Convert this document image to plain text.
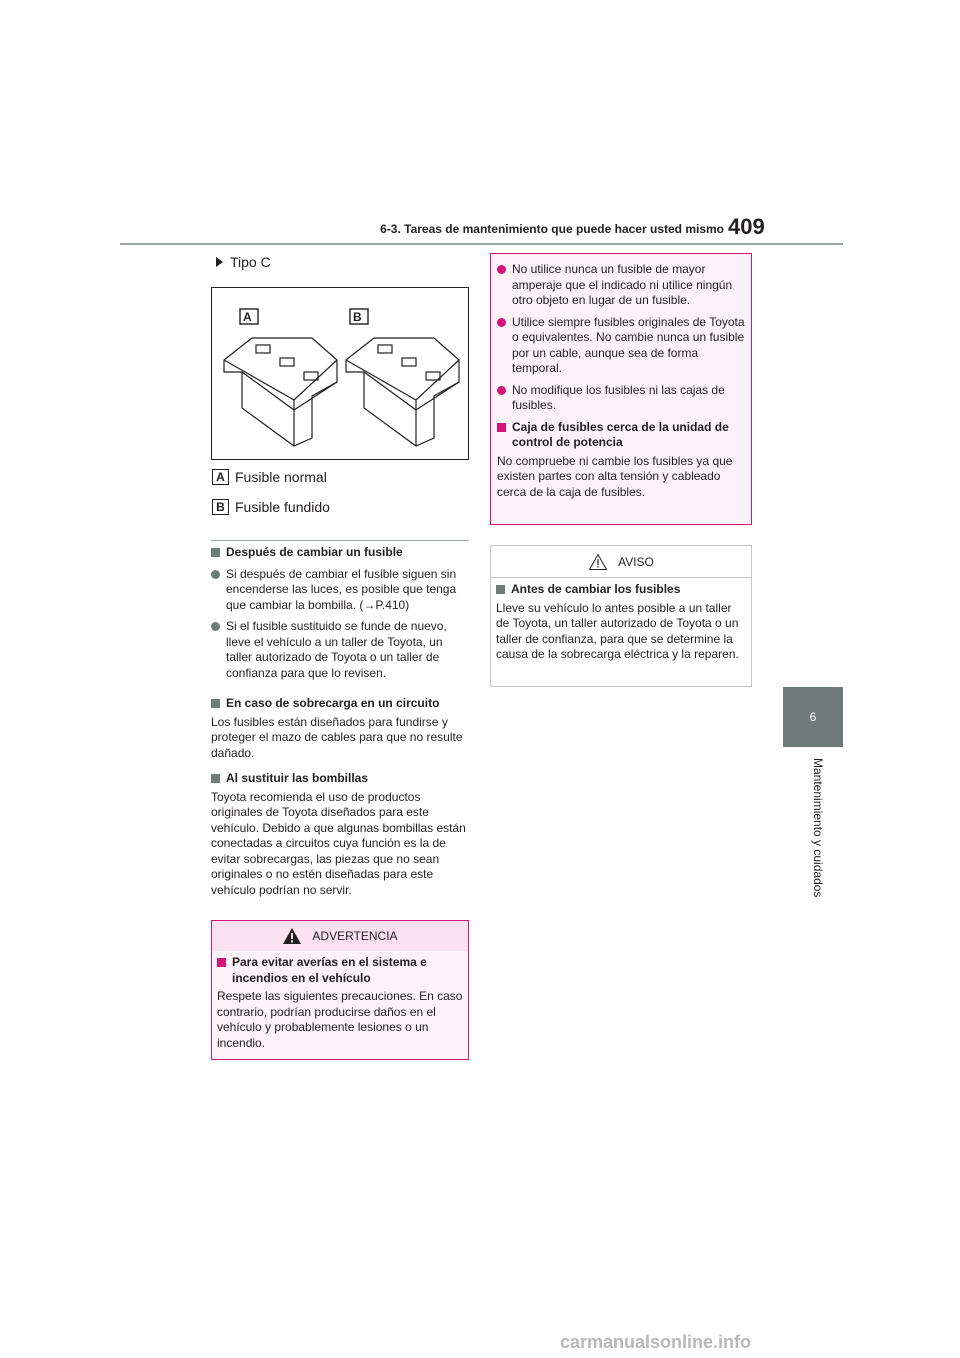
6-3. Tareas de mantenimiento que puede hacer usted mismo 409
6
Mantenimiento y cuidados
Tipo C
A	B
A Fusible normal
B Fusible fundido
Después de cambiar un fusible
Si después de cambiar el fusible siguen sin encenderse las luces, es posible que tenga que cambiar la bombilla. (→P.410)
Si el fusible sustituido se funde de nuevo, lleve el vehículo a un taller de Toyota, un taller autorizado de Toyota o un taller de confianza para que lo revisen.
En caso de sobrecarga en un circuito
Los fusibles están diseñados para fundirse y proteger el mazo de cables para que no resulte dañado.
Al sustituir las bombillas
Toyota recomienda el uso de productos originales de Toyota diseñados para este vehículo. Debido a que algunas bombillas están conectadas a circuitos cuya función es la de evitar sobrecargas, las piezas que no sean originales o no estén diseñadas para este vehículo podrían no servir.
ADVERTENCIA
Para evitar averías en el sistema e incendios en el vehículo
Respete las siguientes precauciones. En caso contrario, podrían producirse daños en el vehículo y probablemente lesiones o un incendio.
No utilice nunca un fusible de mayor amperaje que el indicado ni utilice ningún otro objeto en lugar de un fusible.
Utilice siempre fusibles originales de Toyota o equivalentes. No cambie nunca un fusible por un cable, aunque sea de forma temporal.
No modifique los fusibles ni las cajas de fusibles.
Caja de fusibles cerca de la unidad de control de potencia
No compruebe ni cambie los fusibles ya que existen partes con alta tensión y cableado cerca de la caja de fusibles.
AVISO
Antes de cambiar los fusibles
Lleve su vehículo lo antes posible a un taller de Toyota, un taller autorizado de Toyota o un taller de confianza, para que se determine la causa de la sobrecarga eléctrica y la reparen.
carmanualsonline.info
